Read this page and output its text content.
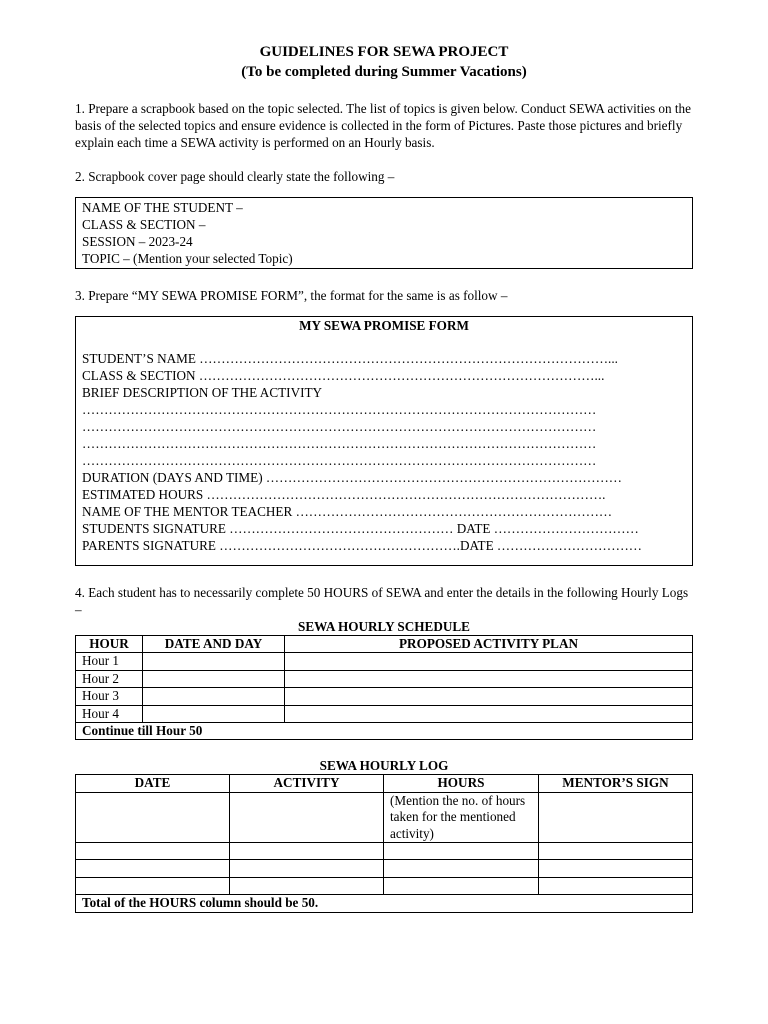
GUIDELINES FOR SEWA PROJECT
(To be completed during Summer Vacations)

1. Prepare a scrapbook based on the topic selected. The list of topics is given below. Conduct SEWA activities on the basis of the selected topics and ensure evidence is collected in the form of Pictures. Paste those pictures and briefly explain each time a SEWA activity is performed on an Hourly basis.

2. Scrapbook cover page should clearly state the following –

NAME OF THE STUDENT –
CLASS & SECTION –
SESSION – 2023-24
TOPIC – (Mention your selected Topic)

3. Prepare “MY SEWA PROMISE FORM”, the format for the same is as follow –

MY SEWA PROMISE FORM
STUDENT’S NAME …………………………………………………………………………………...
CLASS & SECTION ………………………………………………………………………………...
BRIEF DESCRIPTION OF THE ACTIVITY
………………………………………………………………………………………………………
………………………………………………………………………………………………………
………………………………………………………………………………………………………
………………………………………………………………………………………………………
DURATION (DAYS AND TIME) ………………………………………………………………………
ESTIMATED HOURS ……………………………………………………………………………….
NAME OF THE MENTOR TEACHER ………………………………………………………………
STUDENTS SIGNATURE …………………………………………… DATE ……………………………
PARENTS SIGNATURE ……………………………………………….DATE ……………………………

4. Each student has to necessarily complete 50 HOURS of SEWA and enter the details in the following Hourly Logs –

SEWA HOURLY SCHEDULE
HOUR	DATE AND DAY	PROPOSED ACTIVITY PLAN
Hour 1		
Hour 2		
Hour 3		
Hour 4		
Continue till Hour 50		
SEWA HOURLY LOG
DATE	ACTIVITY	HOURS	MENTOR’S SIGN
		(Mention the no. of hours taken for the mentioned activity)	

Total of the HOURS column should be 50.			
